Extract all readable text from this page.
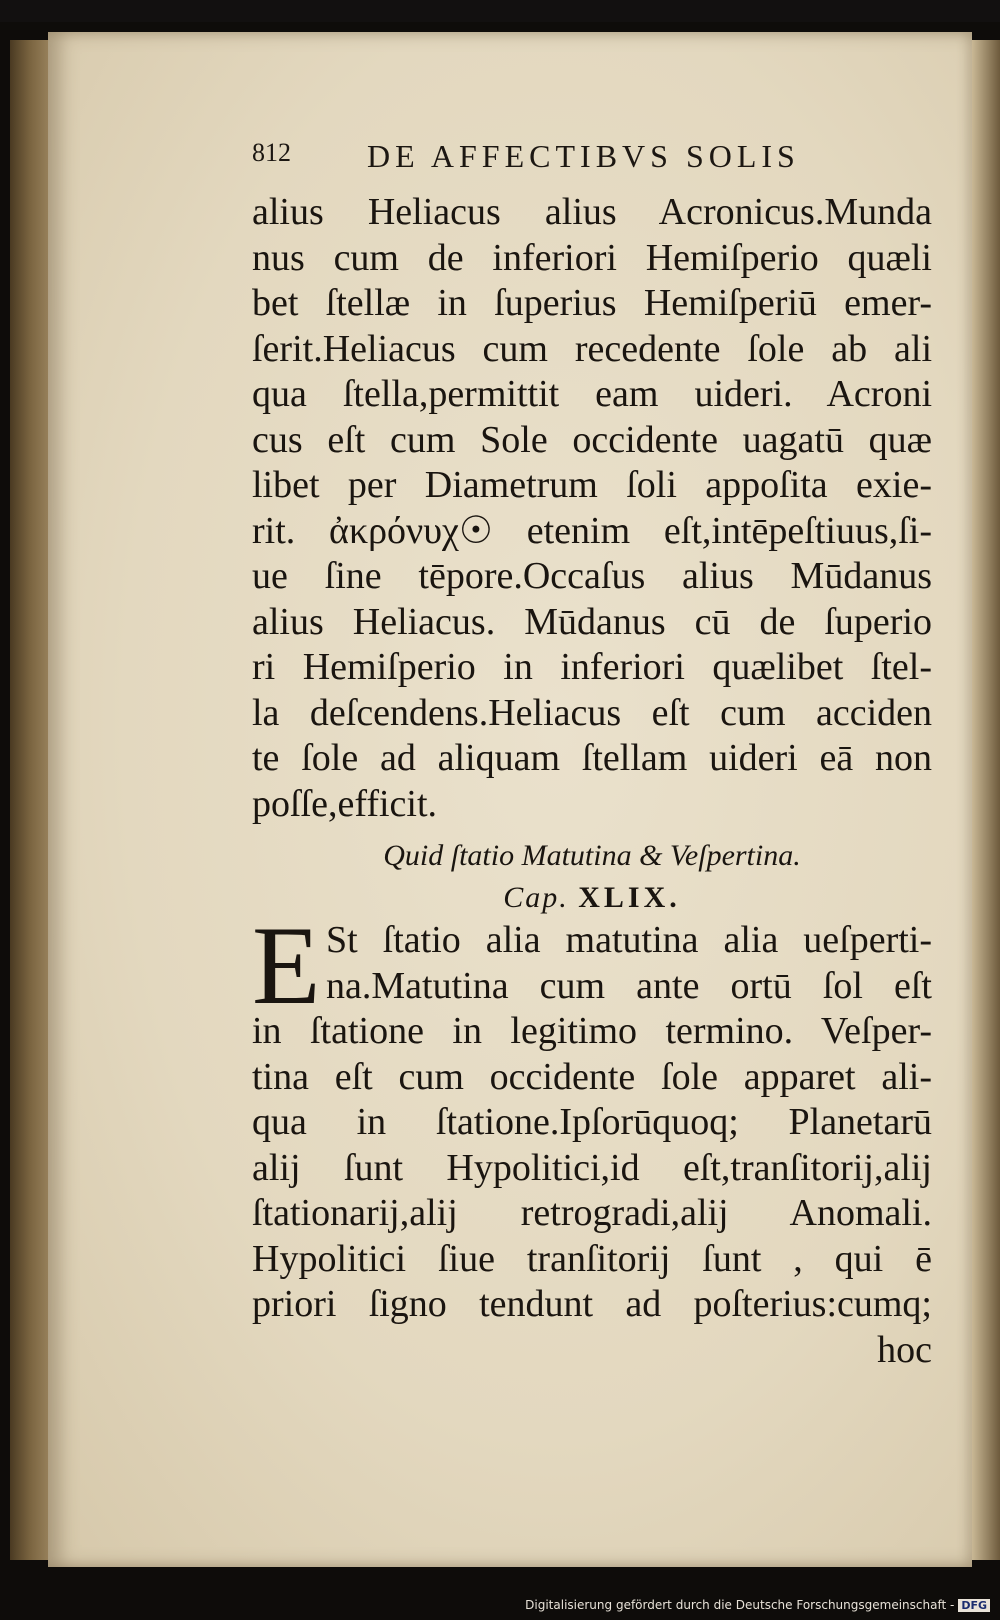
812 DE AFFECTIBVS SOLIS
alius Heliacus alius Acronicus.Munda
nus cum de inferiori Hemiſperio quæli
bet ſtellæ in ſuperius Hemiſperiū emer-
ſerit.Heliacus cum recedente ſole ab ali
qua ſtella,permittit eam uideri. Acroni
cus eſt cum Sole occidente uagatū quæ
libet per Diametrum ſoli appoſita exie-
rit. ἀκρόνυχ☉ etenim eſt,intēpeſtiuus,ſi-
ue ſine tēpore.Occaſus alius Mūdanus
alius Heliacus. Mūdanus cū de ſuperio
ri Hemiſperio in inferiori quælibet ſtel-
la deſcendens.Heliacus eſt cum acciden
te ſole ad aliquam ſtellam uideri eā non
poſſe,efficit.
Quid ſtatio Matutina & Veſpertina.
Cap. XLIX.
E St ſtatio alia matutina alia ueſperti-
na.Matutina cum ante ortū ſol eſt
in ſtatione in legitimo termino. Veſper-
tina eſt cum occidente ſole apparet ali-
qua in ſtatione.Ipſorūquoq; Planetarū
alij ſunt Hypolitici,id eſt,tranſitorij,alij
ſtationarij,alij retrogradi,alij Anomali.
Hypolitici ſiue tranſitorij ſunt , qui ē
priori ſigno tendunt ad poſterius:cumq;
hoc
Digitalisierung gefördert durch die Deutsche Forschungsgemeinschaft - DFG
